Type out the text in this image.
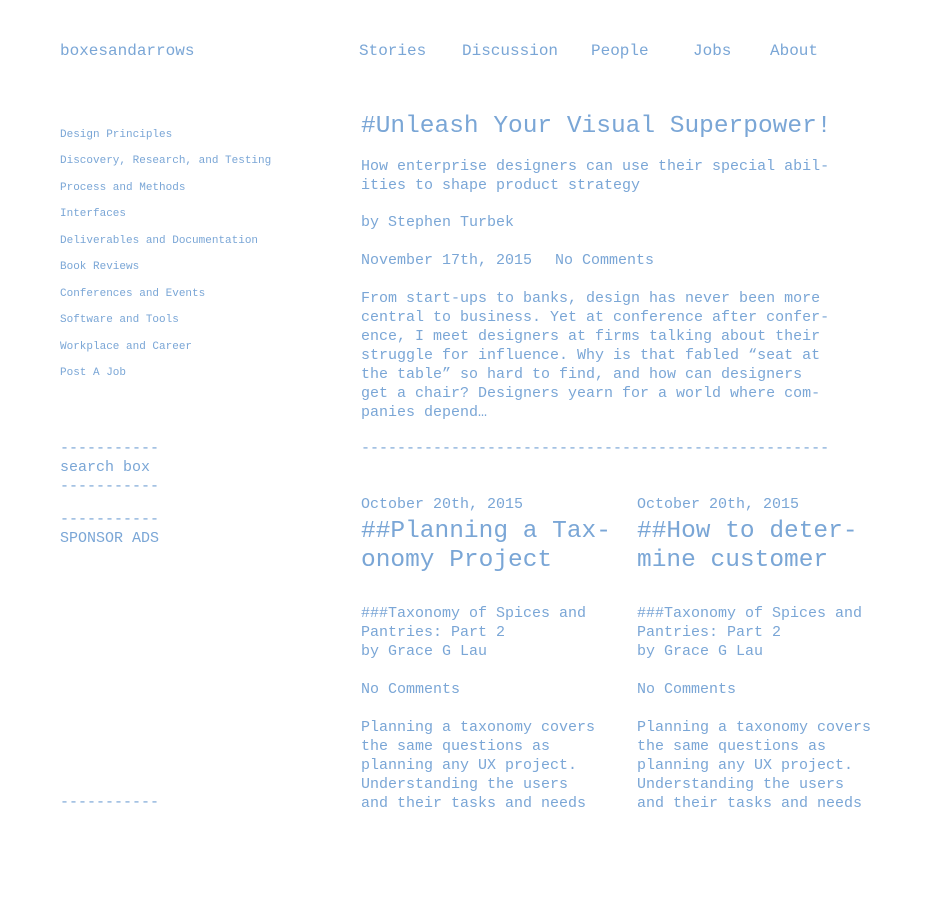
boxesandarrows	Stories Discussion People	Jobs About
Design Principles
Discovery, Research, and Testing
Process and Methods
Interfaces
Deliverables and Documentation
Book Reviews
Conferences and Events
Software and Tools
Workplace and Career
Post A Job
-----------
search box
-----------
-----------
SPONSOR ADS
-----------
#Unleash Your Visual Superpower!
How enterprise designers can use their special abil-
ities to shape product strategy
by Stephen Turbek
November 17th, 2015 No Comments
From start-ups to banks, design has never been more
central to business. Yet at conference after confer-
ence, I meet designers at firms talking about their
struggle for influence. Why is that fabled “seat at
the table” so hard to find, and how can designers
get a chair? Designers yearn for a world where com-
panies depend…
----------------------------------------------------
October 20th, 2015
##Planning a Tax-
onomy Project
###Taxonomy of Spices and
Pantries: Part 2
by Grace G Lau
No Comments
Planning a taxonomy covers
the same questions as
planning any UX project.
Understanding the users
and their tasks and needs
October 20th, 2015
##How to deter-
mine customer
###Taxonomy of Spices and
Pantries: Part 2
by Grace G Lau
No Comments
Planning a taxonomy covers
the same questions as
planning any UX project.
Understanding the users
and their tasks and needs
